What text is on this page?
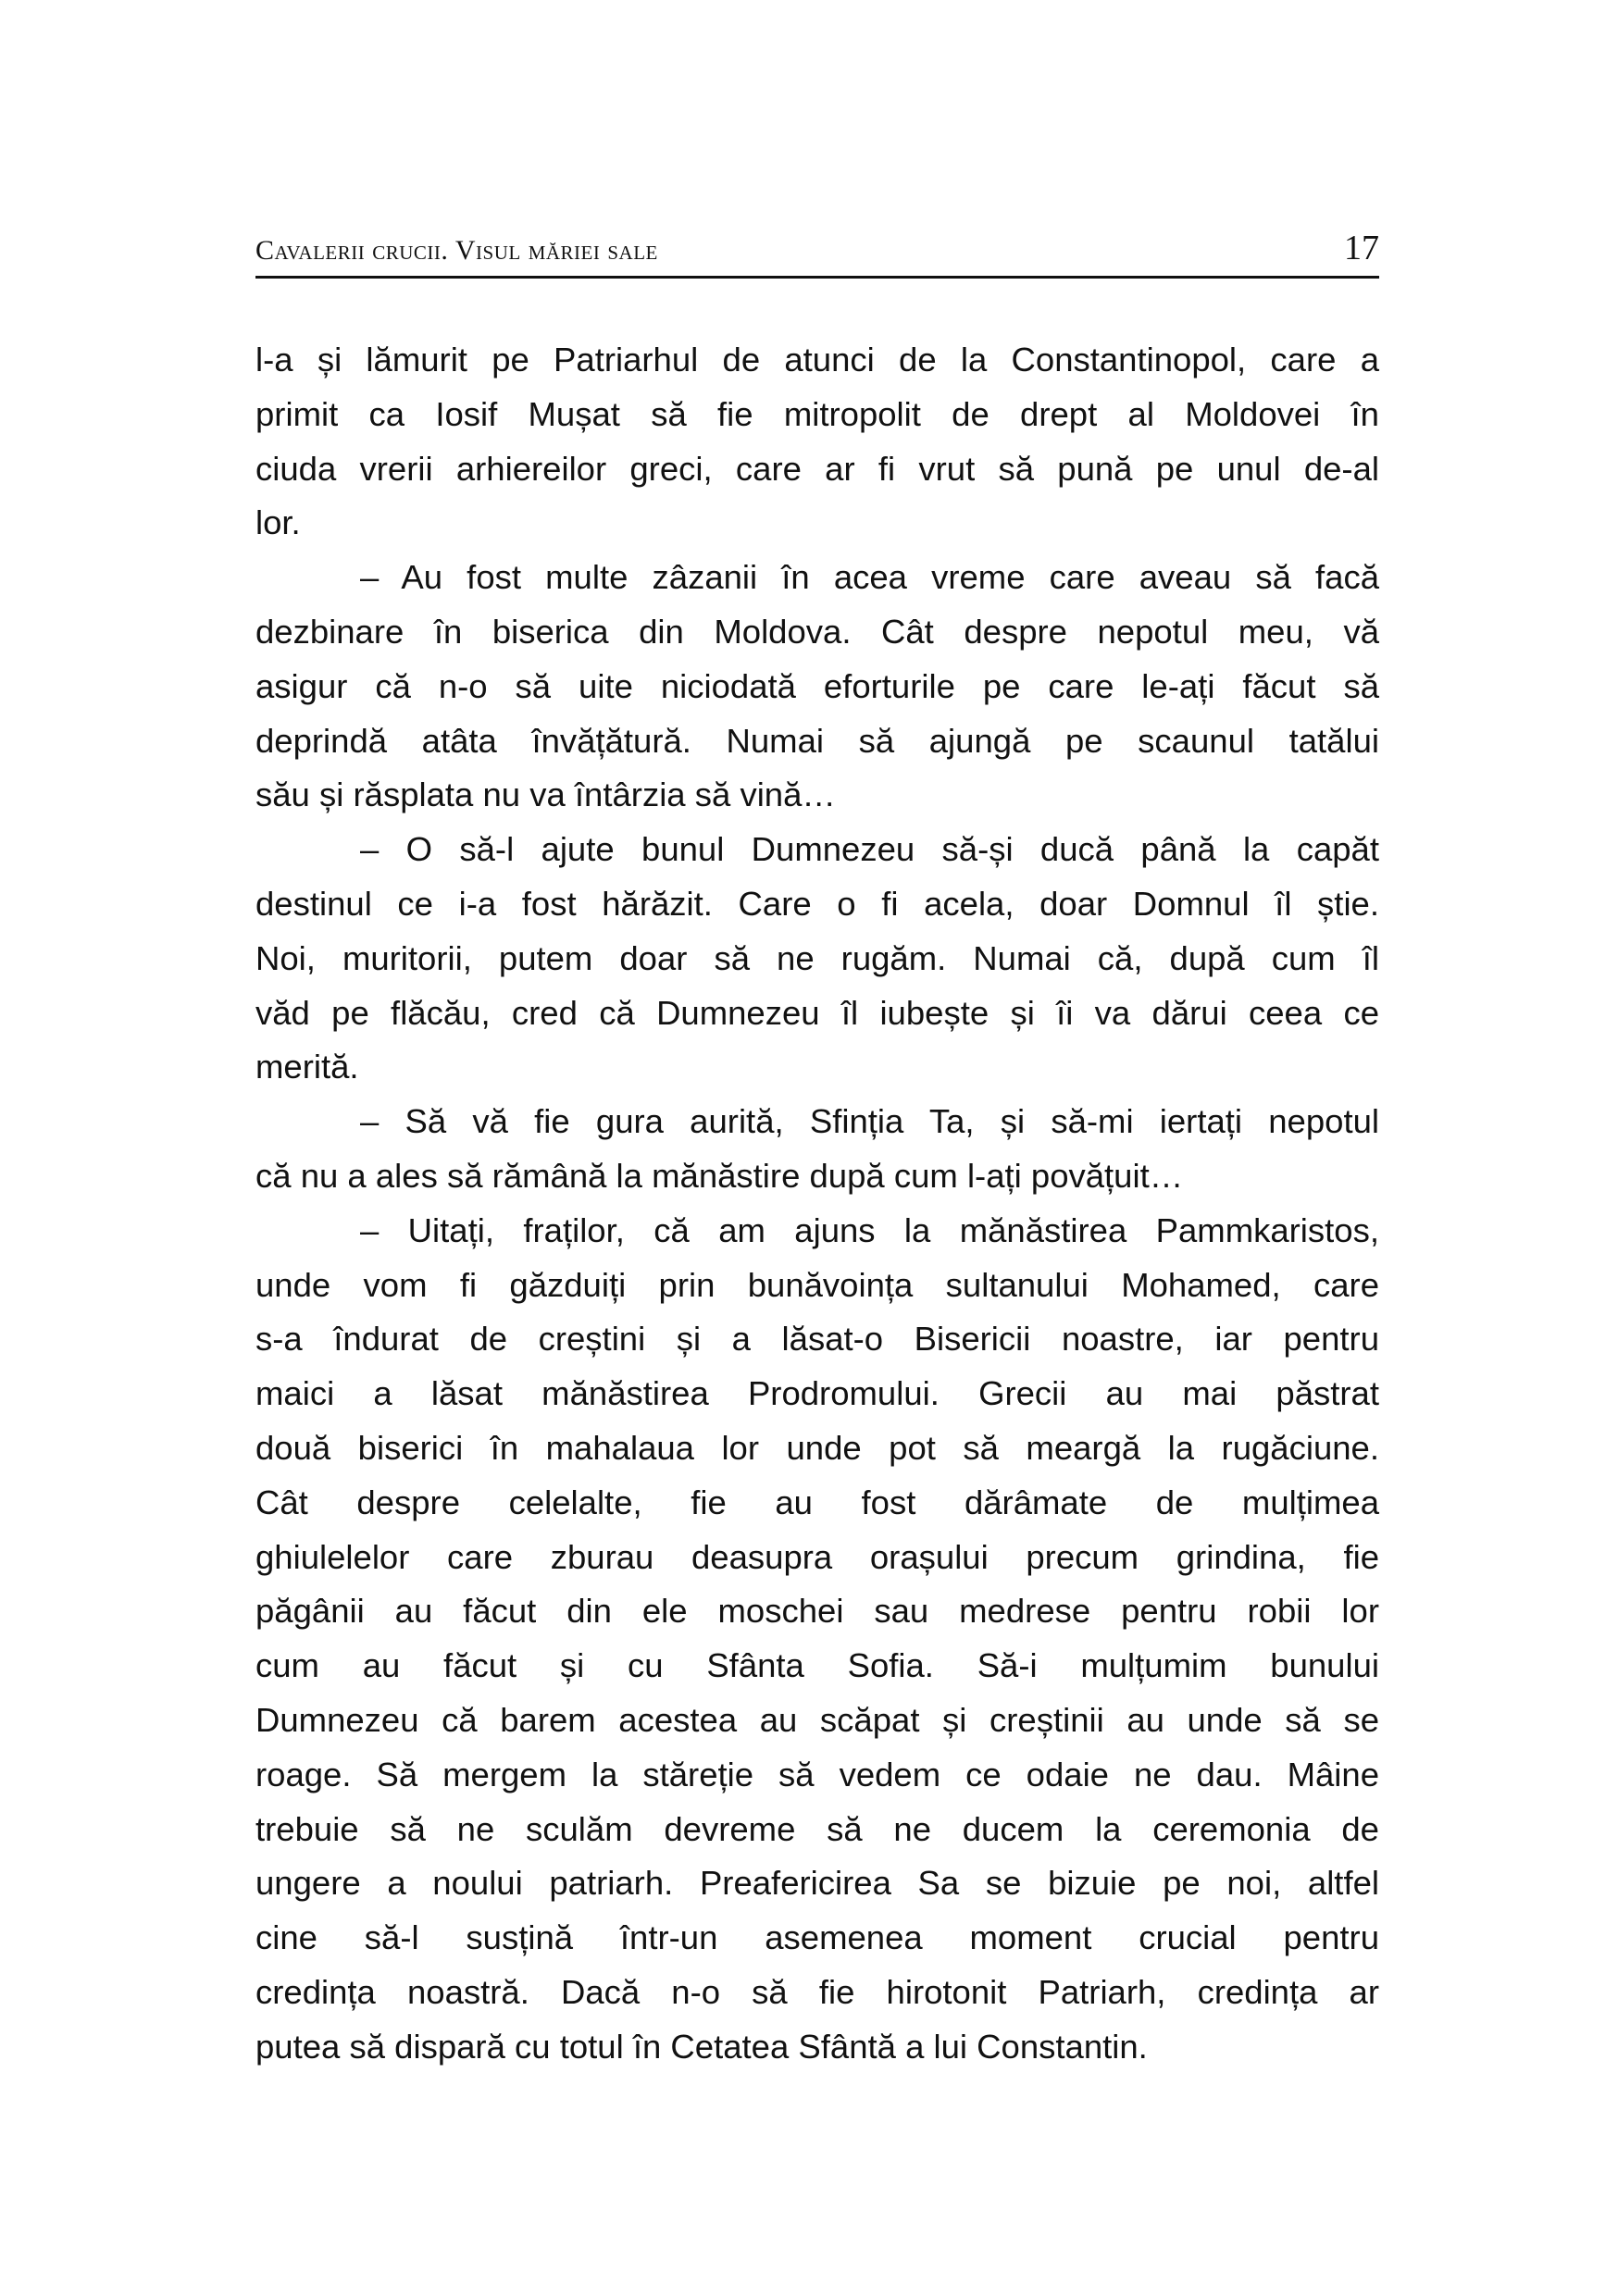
Cavalerii crucii. Visul măriei sale	17
l-a și lămurit pe Patriarhul de atunci de la Constantinopol, care a
primit ca Iosif Mușat să fie mitropolit de drept al Moldovei în
ciuda vrerii arhiereilor greci, care ar fi vrut să pună pe unul de-al
lor.
– Au fost multe zâzanii în acea vreme care aveau să facă
dezbinare în biserica din Moldova. Cât despre nepotul meu, vă
asigur că n-o să uite niciodată eforturile pe care le-ați făcut să
deprindă atâta învățătură. Numai să ajungă pe scaunul tatălui
său și răsplata nu va întârzia să vină…
– O să-l ajute bunul Dumnezeu să-și ducă până la capăt
destinul ce i-a fost hărăzit. Care o fi acela, doar Domnul îl știe.
Noi, muritorii, putem doar să ne rugăm. Numai că, după cum îl
văd pe flăcău, cred că Dumnezeu îl iubește și îi va dărui ceea ce
merită.
– Să vă fie gura aurită, Sfinția Ta, și să-mi iertați nepotul
că nu a ales să rămână la mănăstire după cum l-ați povățuit…
– Uitați, fraților, că am ajuns la mănăstirea Pammkaristos,
unde vom fi găzduiți prin bunăvoința sultanului Mohamed, care
s-a îndurat de creștini și a lăsat-o Bisericii noastre, iar pentru
maici a lăsat mănăstirea Prodromului. Grecii au mai păstrat
două biserici în mahalaua lor unde pot să meargă la rugăciune.
Cât despre celelalte, fie au fost dărâmate de mulțimea
ghiulelelor care zburau deasupra orașului precum grindina, fie
păgânii au făcut din ele moschei sau medrese pentru robii lor
cum au făcut și cu Sfânta Sofia. Să-i mulțumim bunului
Dumnezeu că barem acestea au scăpat și creștinii au unde să se
roage. Să mergem la stăreție să vedem ce odaie ne dau. Mâine
trebuie să ne sculăm devreme să ne ducem la ceremonia de
ungere a noului patriarh. Preafericirea Sa se bizuie pe noi, altfel
cine să-l susțină într-un asemenea moment crucial pentru
credința noastră. Dacă n-o să fie hirotonit Patriarh, credința ar
putea să dispară cu totul în Cetatea Sfântă a lui Constantin.
